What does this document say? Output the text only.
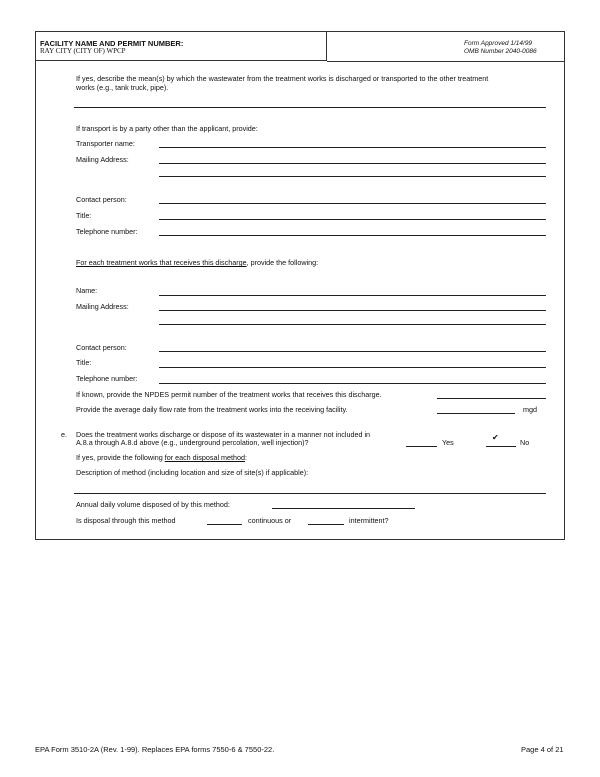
FACILITY NAME AND PERMIT NUMBER:
RAY CITY (CITY OF) WPCP
Form Approved 1/14/99
OMB Number 2040-0086
If yes, describe the mean(s) by which the wastewater from the treatment works is discharged or transported to the other treatment
works (e.g., tank truck, pipe).
If transport is by a party other than the applicant, provide:
Transporter name:
Mailing Address:
Contact person:
Title:
Telephone number:
For each treatment works that receives this discharge, provide the following:
Name:
Mailing Address:
Contact person:
Title:
Telephone number:
If known, provide the NPDES permit number of the treatment works that receives this discharge.
Provide the average daily flow rate from the treatment works into the receiving facility.	mgd
e. Does the treatment works discharge or dispose of its wastewater in a manner not included in
A.8.a through A.8.d above (e.g., underground percolation, well injection)?	Yes
✔
No
If yes, provide the following for each disposal method:
Description of method (including location and size of site(s) if applicable):
Annual daily volume disposed of by this method:
Is disposal through this method	continuous or	intermittent?
EPA Form 3510-2A (Rev. 1-99). Replaces EPA forms 7550-6 & 7550-22.	Page 4 of 21
